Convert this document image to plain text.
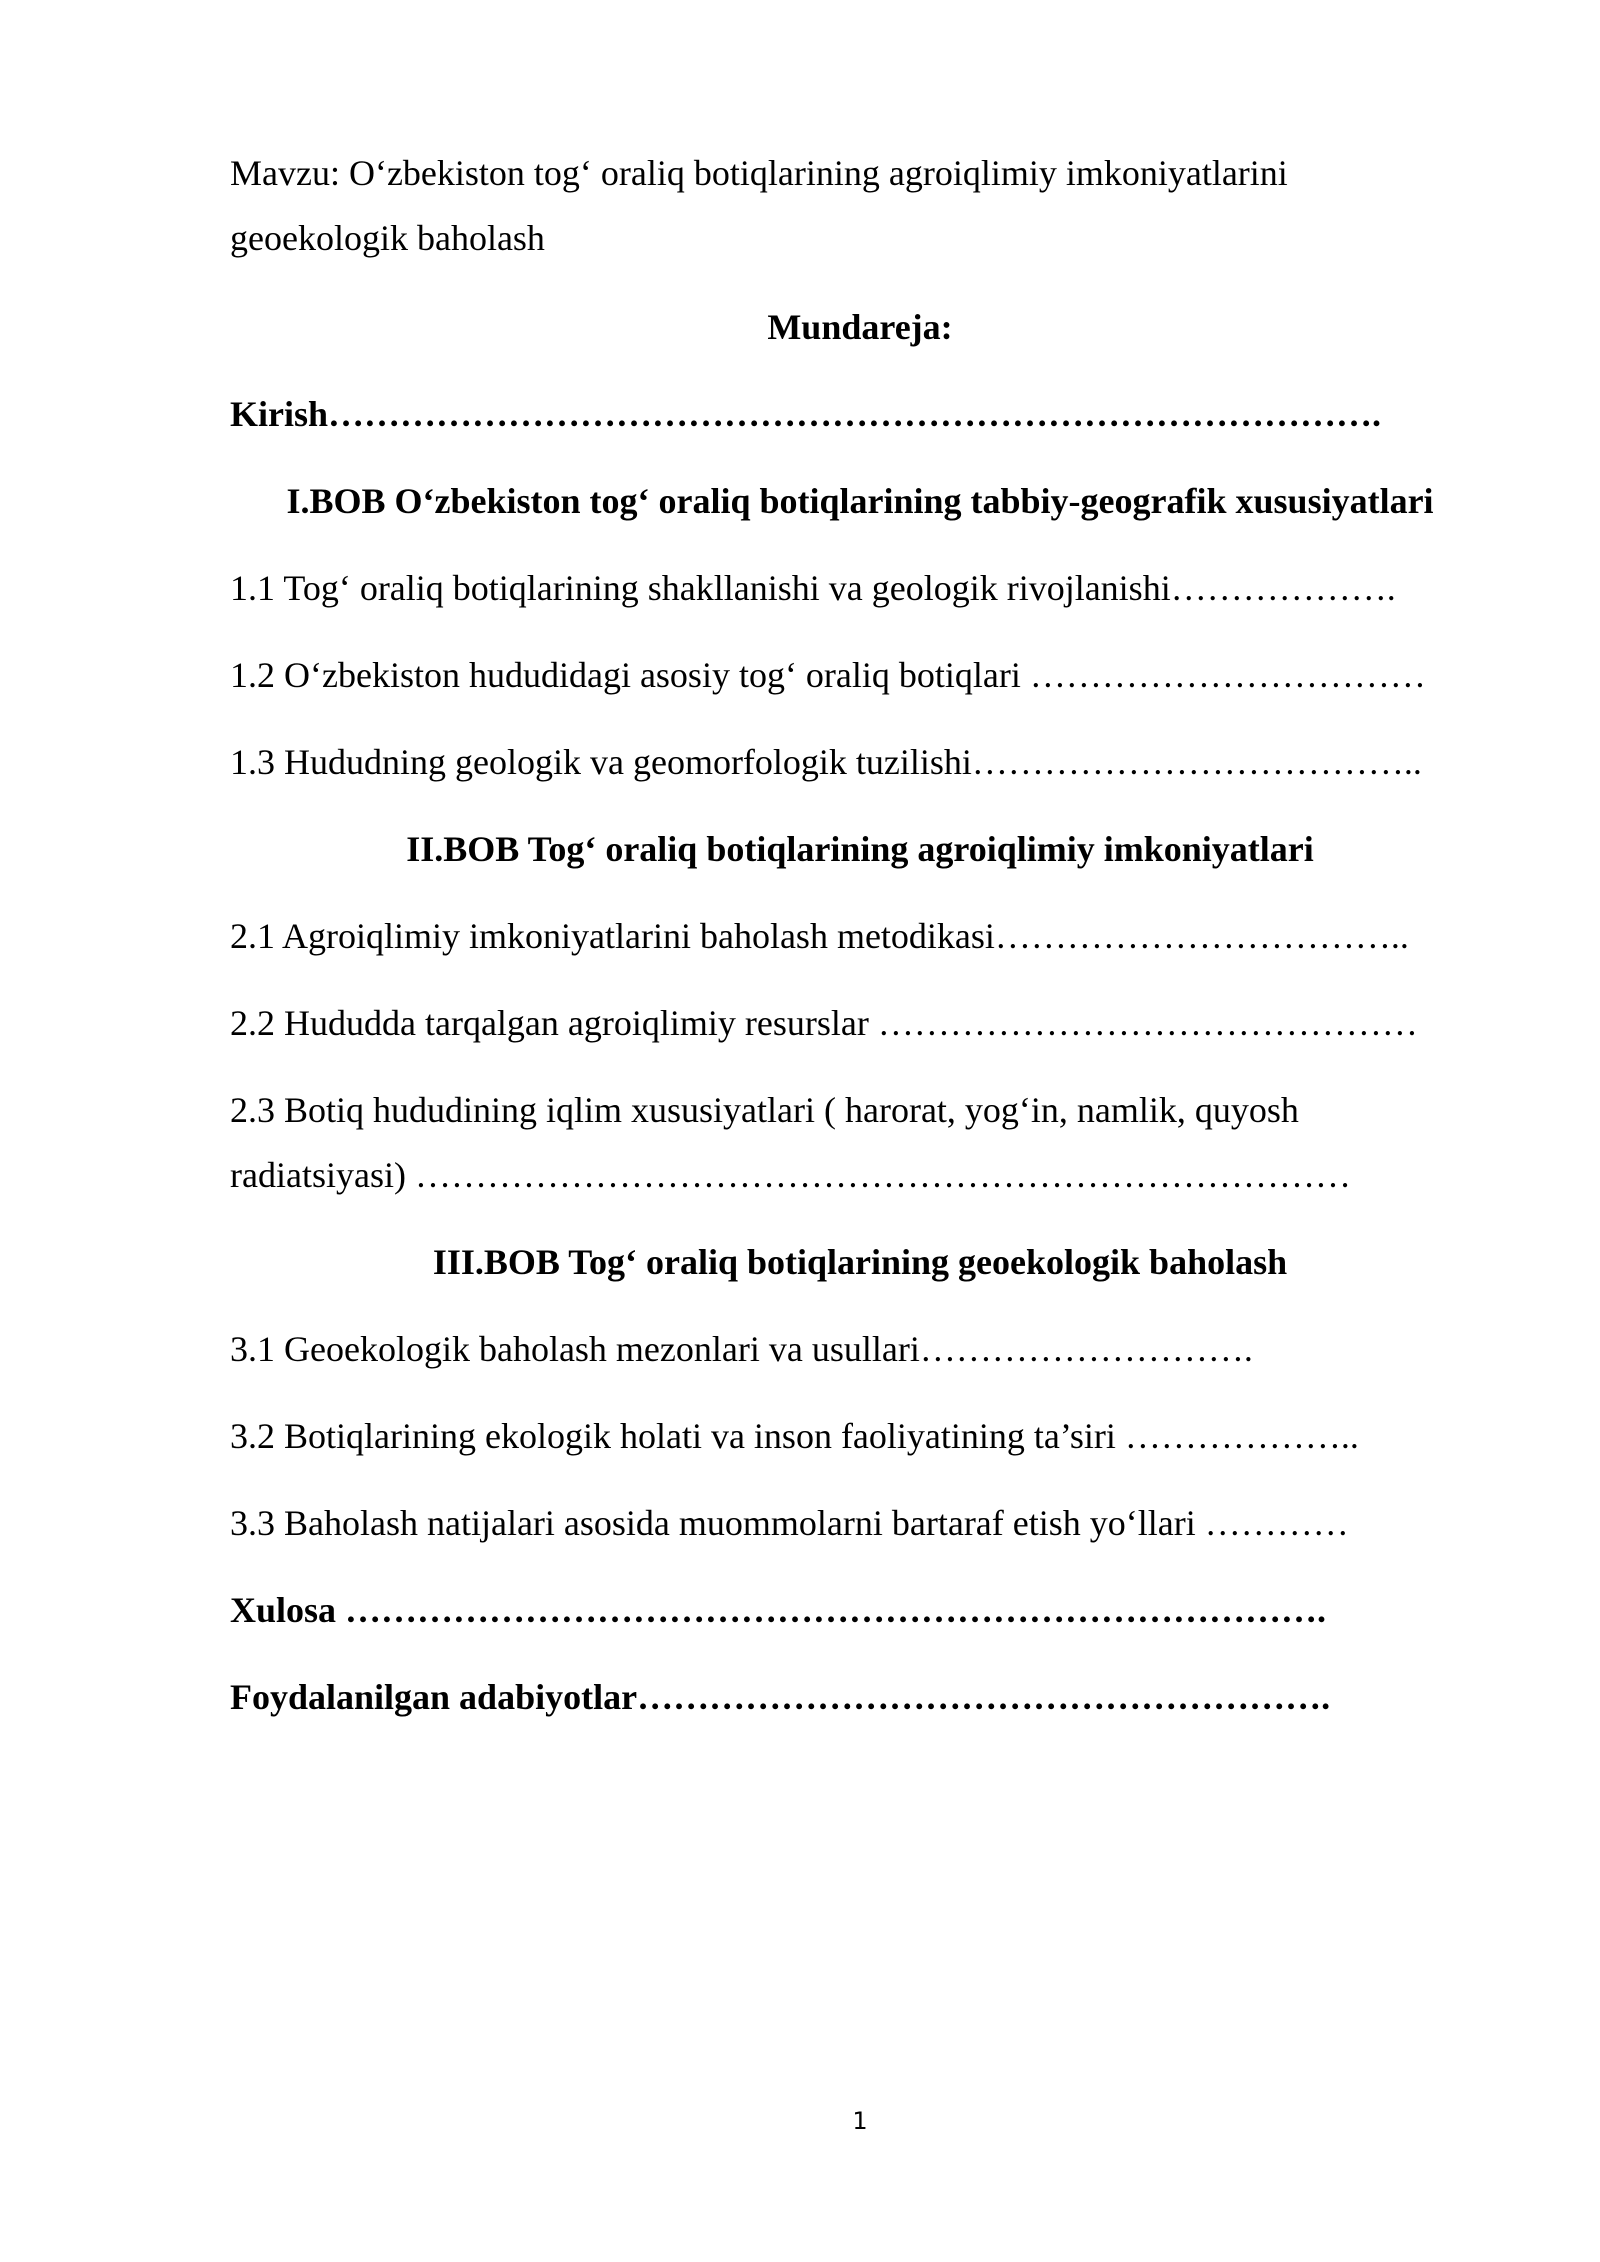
Mavzu: O‘zbekiston tog‘ oraliq botiqlarining agroiqlimiy imkoniyatlarini
geoekologik baholash
Mundareja:
Kirish…………………………………………………………………………….
I.BOB O‘zbekiston tog‘ oraliq botiqlarining tabbiy-geografik xususiyatlari
1.1 Tog‘ oraliq botiqlarining shakllanishi va geologik rivojlanishi……………….
1.2 O‘zbekiston hududidagi asosiy tog‘ oraliq botiqlari ……………………………
1.3 Hududning geologik va geomorfologik tuzilishi………………………………..
II.BOB Tog‘ oraliq botiqlarining agroiqlimiy imkoniyatlari
2.1 Agroiqlimiy imkoniyatlarini baholash metodikasi……………………………..
2.2 Hududda tarqalgan agroiqlimiy resurslar ………………………………………
2.3 Botiq hududining iqlim xususiyatlari ( harorat, yog‘in, namlik, quyosh
radiatsiyasi) ……………………………………………………………………
III.BOB Tog‘ oraliq botiqlarining geoekologik baholash
3.1 Geoekologik baholash mezonlari va usullari……………………….
3.2 Botiqlarining ekologik holati va inson faoliyatining ta’siri ………………..
3.3 Baholash natijalari asosida muommolarni bartaraf etish yo‘llari …………
Xulosa ……………………………………………………………………….
Foydalanilgan adabiyotlar………………………………………………….
1
